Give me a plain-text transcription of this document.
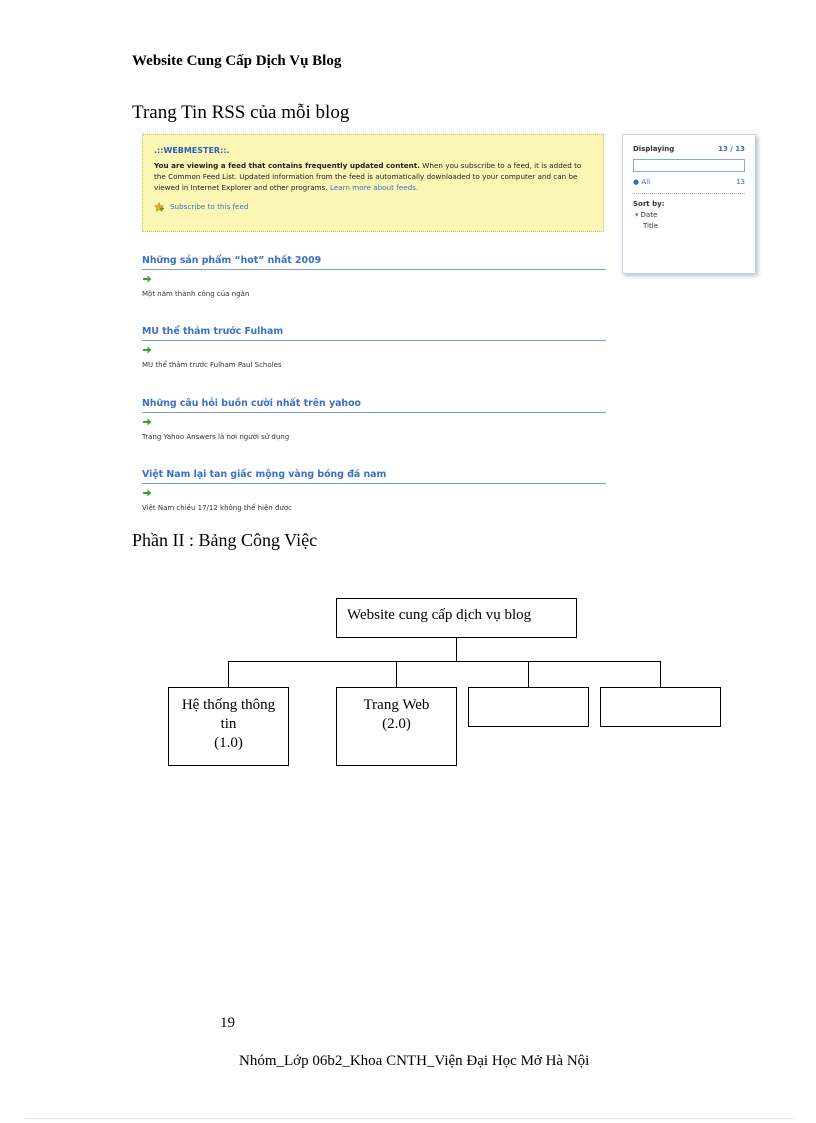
Website Cung Cấp Dịch Vụ Blog
Trang Tin RSS của mỗi blog
.::WEBMESTER::.
You are viewing a feed that contains frequently updated content. When you subscribe to a feed, it is added to the Common Feed List. Updated information from the feed is automatically downloaded to your computer and can be viewed in Internet Explorer and other programs. Learn more about feeds.
Subscribe to this feed
Displaying	13 / 13
● All	13
Sort by:
▾ Date
Title
Những sản phẩm “hot” nhất 2009
Một năm thành công của ngàn
MU thể thảm trước Fulham
MU thể thảm trước Fulham Paul Scholes
Những câu hỏi buồn cười nhất trên yahoo
Trang Yahoo Answers là nơi người sử dụng
Việt Nam lại tan giấc mộng vàng bóng đá nam
Việt Nam chiều 17/12 không thể hiện được
Phần II : Bảng Công Việc
Website cung cấp dịch vụ blog
Hệ thống thông
tin
(1.0)
Trang Web
(2.0)
19
Nhóm_Lớp 06b2_Khoa CNTH_Viện Đại Học Mở Hà Nội
